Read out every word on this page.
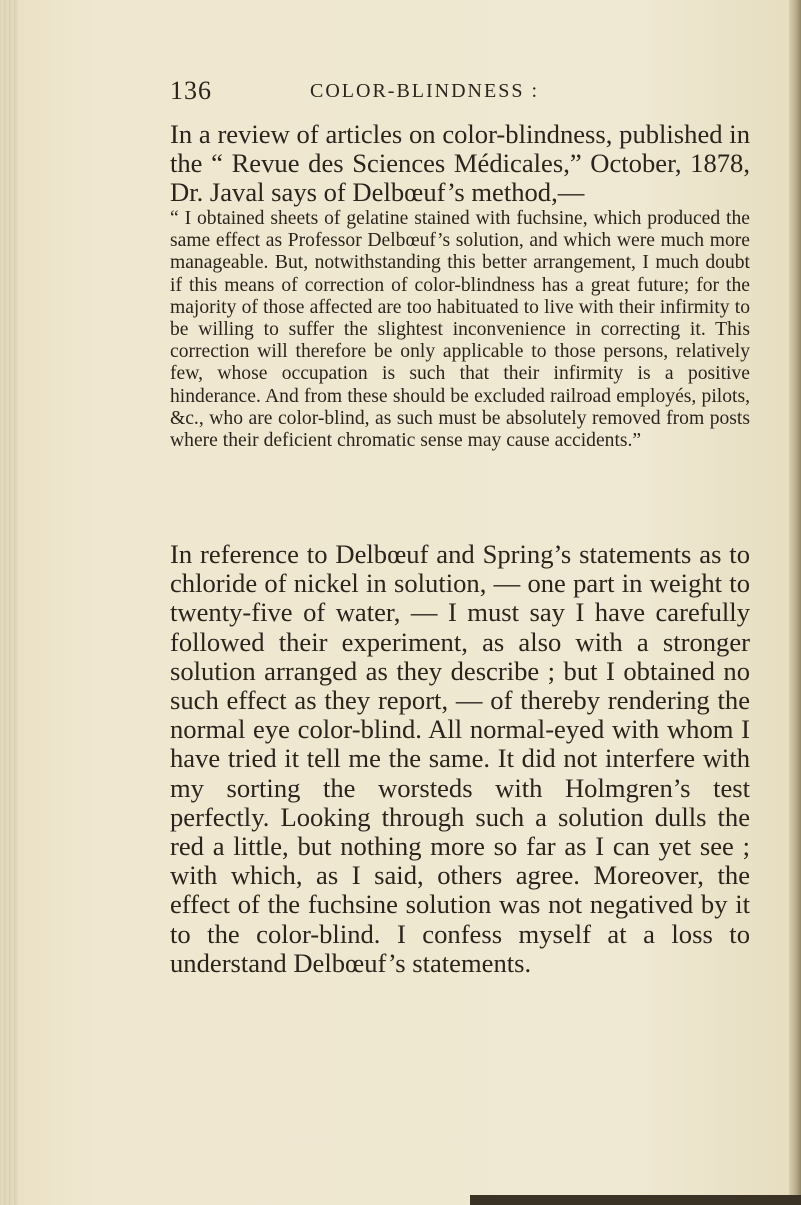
136	COLOR-BLINDNESS :

In a review of articles on color-blindness, published in the “ Revue des Sciences Médicales,” October, 1878, Dr. Javal says of Delbœuf’s method,—

“ I obtained sheets of gelatine stained with fuchsine, which produced the same effect as Professor Delbœuf’s solution, and which were much more manageable. But, notwithstanding this better arrangement, I much doubt if this means of correction of color-blindness has a great future; for the majority of those affected are too habituated to live with their infirmity to be willing to suffer the slightest inconvenience in correcting it. This correction will therefore be only applicable to those persons, relatively few, whose occupation is such that their infirmity is a positive hinderance. And from these should be excluded railroad employés, pilots, &c., who are color-blind, as such must be absolutely removed from posts where their deficient chromatic sense may cause accidents.”

In reference to Delbœuf and Spring’s statements as to chloride of nickel in solution, — one part in weight to twenty-five of water, — I must say I have carefully followed their experiment, as also with a stronger solution arranged as they describe ; but I obtained no such effect as they report, — of thereby rendering the normal eye color-blind. All normal-eyed with whom I have tried it tell me the same. It did not interfere with my sorting the worsteds with Holmgren’s test perfectly. Looking through such a solution dulls the red a little, but nothing more so far as I can yet see ; with which, as I said, others agree. Moreover, the effect of the fuchsine solution was not negatived by it to the color-blind. I confess myself at a loss to understand Delbœuf’s statements.
